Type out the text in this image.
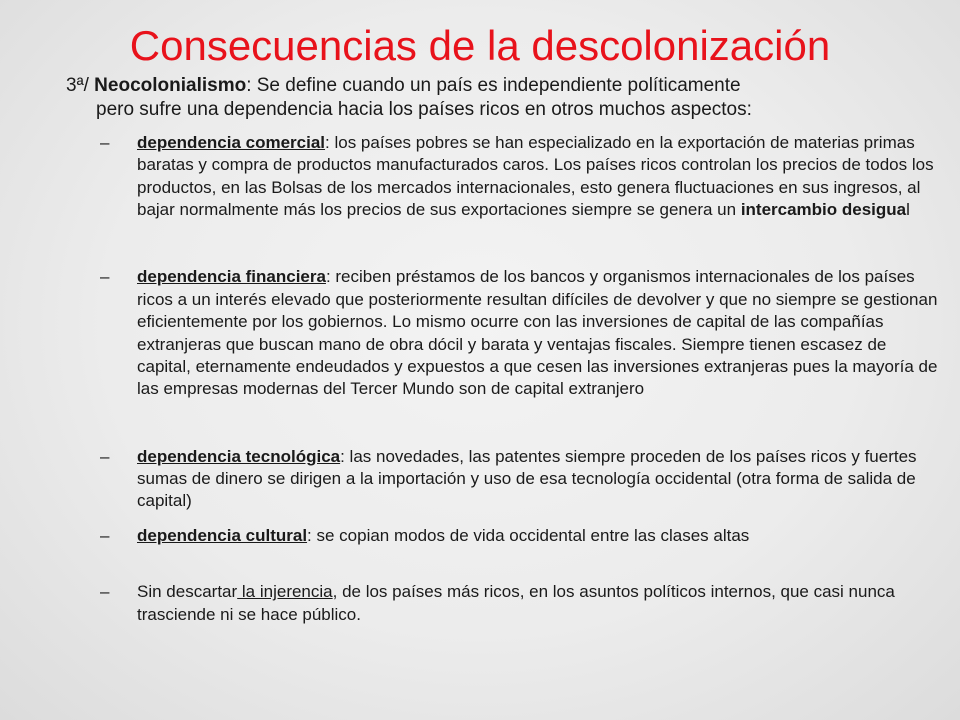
Consecuencias de la descolonización
3ª/ Neocolonialismo: Se define cuando un país es independiente políticamente
pero sufre una dependencia hacia los países ricos en otros muchos aspectos:
– dependencia comercial: los países pobres se han especializado en la exportación de materias primas baratas y compra de productos manufacturados caros. Los países ricos controlan los precios de todos los productos, en las Bolsas de los mercados internacionales, esto genera fluctuaciones en sus ingresos, al bajar normalmente más los precios de sus exportaciones siempre se genera un intercambio desigual
– dependencia financiera: reciben préstamos de los bancos y organismos internacionales de los países ricos a un interés elevado que posteriormente resultan difíciles de devolver y que no siempre se gestionan eficientemente por los gobiernos. Lo mismo ocurre con las inversiones de capital de las compañías extranjeras que buscan mano de obra dócil y barata y ventajas fiscales. Siempre tienen escasez de capital, eternamente endeudados y expuestos a que cesen las inversiones extranjeras pues la mayoría de las empresas modernas del Tercer Mundo son de capital extranjero
– dependencia tecnológica: las novedades, las patentes siempre proceden de los países ricos y fuertes sumas de dinero se dirigen a la importación y uso de esa tecnología occidental (otra forma de salida de capital)
– dependencia cultural: se copian modos de vida occidental entre las clases altas
– Sin descartar la injerencia, de los países más ricos, en los asuntos políticos internos, que casi nunca trasciende ni se hace público.
